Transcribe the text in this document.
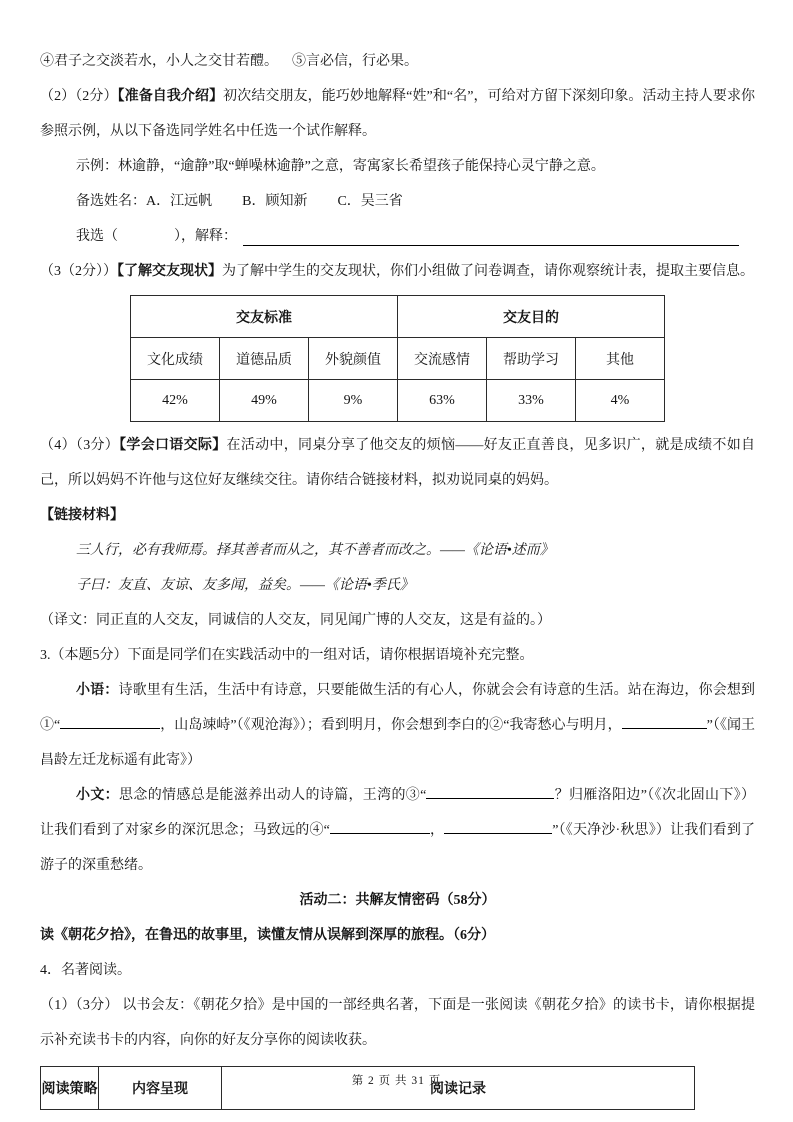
④君子之交淡若水，小人之交甘若醴。 ⑤言必信，行必果。

（2）（2分）【准备自我介绍】初次结交朋友，能巧妙地解释“姓”和“名”，可给对方留下深刻印象。活动主持人要求你参照示例，从以下备选同学姓名中任选一个试作解释。

示例：林逾静，“逾静”取“蝉噪林逾静”之意，寄寓家长希望孩子能保持心灵宁静之意。

备选姓名：A．江远帆 B．顾知新 C．吴三省

我选（	），解释：

（3（2分））【了解交友现状】为了解中学生的交友现状，你们小组做了问卷调查，请你观察统计表，提取主要信息。

交友标准			交友目的		
文化成绩	道德品质	外貌颜值	交流感情	帮助学习	其他
42%	49%	9%	63%	33%	4%

（4）（3分）【学会口语交际】在活动中，同桌分享了他交友的烦恼——好友正直善良，见多识广，就是成绩不如自己，所以妈妈不许他与这位好友继续交往。请你结合链接材料，拟劝说同桌的妈妈。

【链接材料】

三人行，必有我师焉。择其善者而从之，其不善者而改之。——《论语•述而》

子曰：友直、友谅、友多闻，益矣。——《论语•季氏》

（译文：同正直的人交友，同诚信的人交友，同见闻广博的人交友，这是有益的。）

3.（本题5分）下面是同学们在实践活动中的一组对话，请你根据语境补充完整。

小语：诗歌里有生活，生活中有诗意，只要能做生活的有心人，你就会会有诗意的生活。站在海边，你会想到①“	，山岛竦峙”（《观沧海》）；看到明月，你会想到李白的②“我寄愁心与明月，	”（《闻王昌龄左迁龙标遥有此寄》）

小文：思念的情感总是能滋养出动人的诗篇，王湾的③“	？归雁洛阳边”（《次北固山下》）让我们看到了对家乡的深沉思念；马致远的④“	，	”（《天净沙·秋思》）让我们看到了游子的深重愁绪。

活动二：共解友情密码（58分）

读《朝花夕拾》，在鲁迅的故事里，读懂友情从误解到深厚的旅程。（6分）

4．名著阅读。

（1）（3分） 以书会友：《朝花夕拾》是中国的一部经典名著，下面是一张阅读《朝花夕拾》的读书卡，请你根据提示补充读书卡的内容，向你的好友分享你的阅读收获。

阅读策略	内容呈现	阅读记录
第 2 页 共 31 页
